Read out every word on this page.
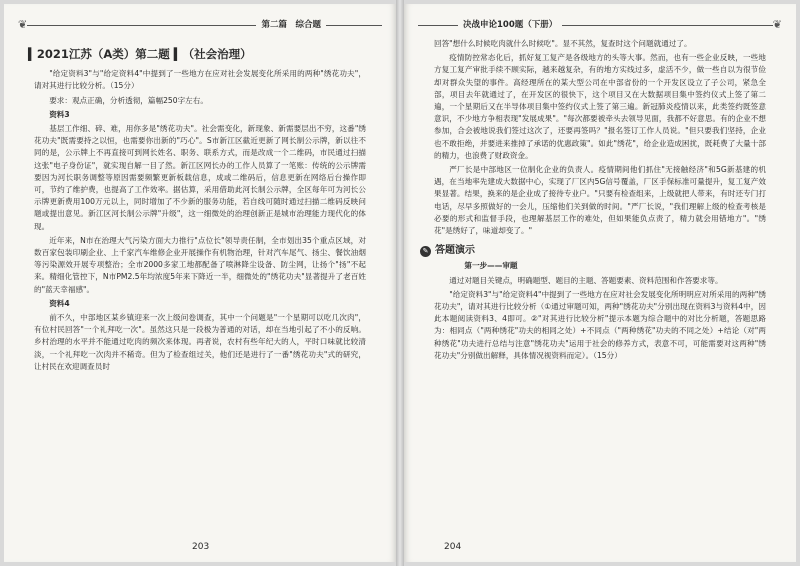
❦	第二篇　综合题
▍2021江苏（A类）第二题 ▍（社会治理）

"给定资料3"与"给定资料4"中提到了一些地方在应对社会发展变化所采用的两种"绣花功夫"，请对其进行比较分析。（15分）

要求：观点正确，分析透彻，篇幅250字左右。

资料3

基层工作细、碎、难，用你多是"绣花功夫"。社会需变化，新现象、新需要层出不穷，这番"绣花功夫"既需要持之以恒，也需要你出新的"巧心"。S市新江区截近更新了网长制公示牌，新以往不同的是，公示牌上不再直接可到网长姓名、职务、联系方式，而是改成一个二维码，市民通过扫描这张"电子身份证"，就实现自解一目了然。新江区网长办的工作人员算了一笔账：传统的公示牌需要因为河长职务调整等原因需要频繁更新板载信息，成或二维码后，信息更新在网络后台操作即可，节约了维护费，也提高了工作效率。据估算，采用借助此河长制公示牌，全区每年可为河长公示牌更新费用100万元以上，同时增加了不少新的服务功能，若自线可随时通过扫描二维码反映问题或提出意见。新江区河长制公示牌"升级"，这一细微处的治理创新正是城市治理能力现代化的体现。

近年来，N市在治理大气污染方面大力推行"点位长"领导责任制，全市划出35个重点区域，对数百家包装印刷企业、上千家汽车维修企业开展操作有机物治理，针对汽车尾气、扬尘、餐饮油烟等污染源效开展专项整治；全市2000多家工地都配备了喷淋降尘设备、防尘网，让扬个"扬"不起来。精细化管控下，N市PM2.5年均浓度5年来下降近一半，细微处的"绣花功夫"显著提升了老百姓的"蓝天幸福感"。

资料4

前不久，中部地区某乡镇迎来一次上级问卷调查，其中一个问题是"一个星期可以吃几次肉"，有位村民回答"一个礼拜吃一次"。虽然这只是一段极为普通的对话，却在当地引起了不小的反响。乡村治理的水平并不能通过吃肉的频次来体现。再者说，农村有些年纪大的人，平时口味就比较清淡，一个礼拜吃一次肉并不稀奇。但为了检查组过关，他们还是进行了一番"绣花功夫"式的研究，让村民在欢迎调查员时

203
决战申论100题（下册）	❦

回答"想什么时候吃肉就什么时候吃"。显不其然，复查时这个问题就通过了。

疫情防控常态化后，抓好复工复产是各级地方的头等大事。然而，也有一些企业反映，一些地方复工复产审批手续不顾实际，越来越复杂，有的地方实线过多，虚活不少，做一些自以为很节俭却对群众失望的事件。高经理所在的某大型公司在中部省份的一个开发区设立了子公司，紧急全部，项目去年就通过了，在开发区的很快下，这个项目又在大数据项目集中签约仪式上签了第二遍，一个星期后又在半导体项目集中签约仪式上签了第三遍。新冠肺炎疫情以来，此类签约既签意意识，不少地方争相表现"发展成果"。"每次都要被牵头去领导见面，我都不好意思。有的企业不想参加，合会被地说我们签过这次了，还要再签吗？"报名签订工作人员说。"但只要我们坚持，企业也不敢拒绝，并要进来推掉了承诺的优惠政策"。如此"绣花"，给企业造成困扰，既耗费了大量十部的精力，也浪费了财政资金。

严厂长是中部地区一位制化企业的负责人。疫情期间他们抓住"无接触经济"和5G新基建的机遇，在当地率先建成大数据中心，实现了厂区内5G信号覆盖，厂区手保标准可量提升，复工复产效果显著。结果，换来的是企业成了接待专业户。"只要有检查组来，上级就把人带来，有时还专门打电话，尽早多照做好的一会儿，压缩他们关到做的时间。"严厂长说，"我们理解上级的检查考核是必要的形式和监督手段，也理解基层工作的难处，但如果能负点责了，精力就会用错地方"。"绣花"是绣好了，味道却变了。"

✎ 答题演示

第一步——审题

通过对题目关键点，明确题型、题目的主题、答题要素、资料范围和作答要求等。

"给定资料3"与"给定资料4"中提到了一些地方在应对社会发展变化所明明应对所采用的两种"绣花功夫"，请对其进行比较分析（①通过审题可知，两种"绣花功夫"分别出现在资料3与资料4中，因此本题阅读资料3、4即可。②"对其进行比较分析"提示本题为综合题中的对比分析题，答题思路为：相同点（"两种绣花"功夫的相同之处）+不同点（"两种绣花"功夫的不同之处）+结论（对"两种绣花"功夫进行总结与注意"绣花功夫"运用于社会的修养方式，表意不可，可能需要对这两种"绣花功夫"分别做出解释，具体情况视资料而定）。（15分）

204
